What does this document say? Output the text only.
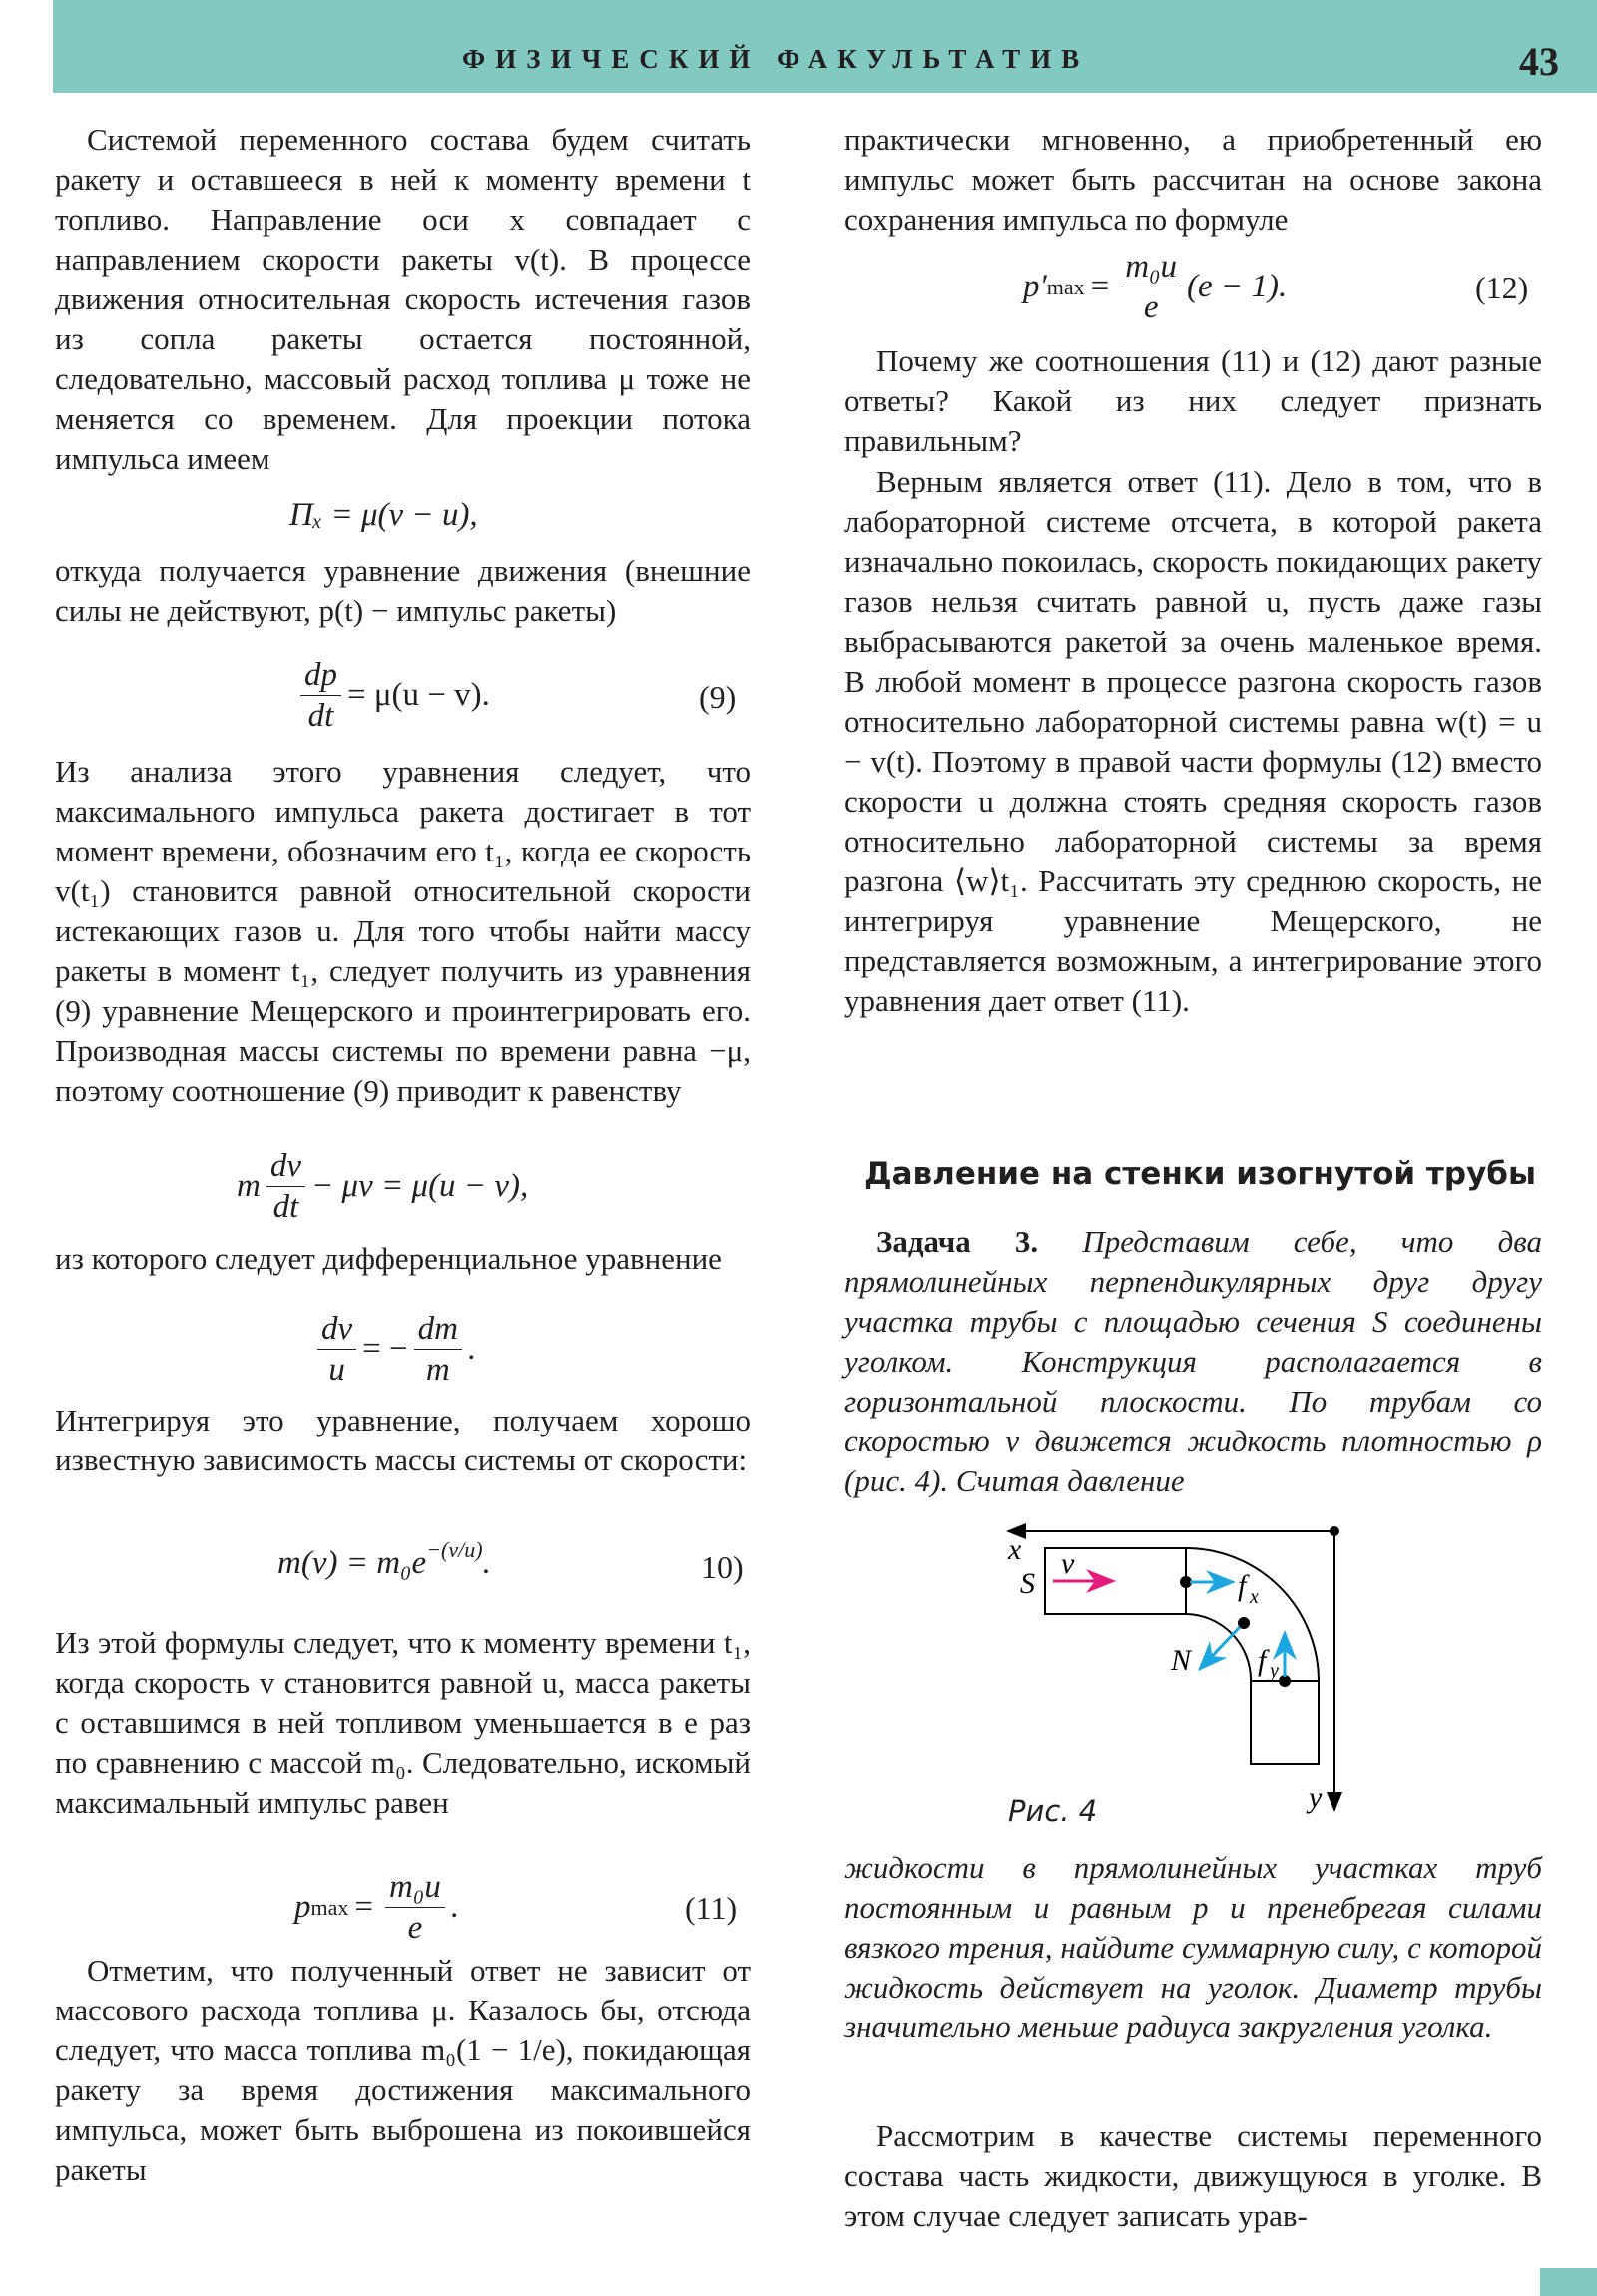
ФИЗИЧЕСКИЙ ФАКУЛЬТАТИВ	43
Системой переменного состава будем считать ракету и оставшееся в ней к моменту времени t топливо. Направление оси x совпадает с направлением скорости ракеты v(t). В процессе движения относительная скорость истечения газов из сопла ракеты остается постоянной, следовательно, массовый расход топлива μ тоже не меняется со временем. Для проекции потока импульса имеем
Πₓ = μ(v − u),
откуда получается уравнение движения (внешние силы не действуют, p(t) − импульс ракеты)
$\frac{dp}{dt} = \mu(u - v)$.	(9)
Из анализа этого уравнения следует, что максимального импульса ракета достигает в тот момент времени, обозначим его t₁, когда ее скорость v(t₁) становится равной относительной скорости истекающих газов u. Для того чтобы найти массу ракеты в момент t₁, следует получить из уравнения (9) уравнение Мещерского и проинтегрировать его. Производная массы системы по времени равна −μ, поэтому соотношение (9) приводит к равенству
m $\frac{dv}{dt} - \mu v = \mu(u - v)$,
из которого следует дифференциальное уравнение
$\frac{dv}{u}$ = − $\frac{dm}{m}$ .
Интегрируя это уравнение, получаем хорошо известную зависимость массы системы от скорости:
$m(v) = m_0e^{-(v/u)}$ .	10)
Из этой формулы следует, что к моменту времени t₁, когда скорость v становится равной u, масса ракеты с оставшимся в ней топливом уменьшается в e раз по сравнению с массой m₀. Следовательно, искомый максимальный импульс равен
p $\max = \frac{\text{m₀u}}{e}$ .	(11)
Отметим, что полученный ответ не зависит от массового расхода топлива μ. Казалось бы, отсюда следует, что масса топлива m₀(1 − 1/e), покидающая ракету за время достижения максимального импульса, может быть выброшена из покоившейся ракеты
практически мгновенно, а приобретенный ею импульс может быть рассчитан на основе закона сохранения импульса по формуле
p′ $\max = \frac{\text{m₀u}}{e} (e - 1)$.	(12)
Почему же соотношения (11) и (12) дают разные ответы? Какой из них следует признать правильным?
Верным является ответ (11). Дело в том, что в лабораторной системе отсчета, в которой ракета изначально покоилась, скорость покидающих ракету газов нельзя считать равной u, пусть даже газы выбрасываются ракетой за очень маленькое время. В любой момент в процессе разгона скорость газов относительно лабораторной системы равна w(t) = u − v(t). Поэтому в правой части формулы (12) вместо скорости u должна стоять средняя скорость газов относительно лабораторной системы за время разгона ⟨w⟩t₁. Рассчитать эту среднюю скорость, не интегрируя уравнение Мещерского, не представляется возможным, а интегрирование этого уравнения дает ответ (11).
Давление на стенки изогнутой трубы
Задача 3. Представим себе, что два прямолинейных перпендикулярных друг другу участка трубы с площадью сечения S соединены уголком. Конструкция располагается в горизонтальной плоскости. По трубам со скоростью v движется жидкость плотностью ρ (рис. 4). Считая давление
x
S
v
f x
N f y
y
Рис. 4
жидкости в прямолинейных участках труб постоянным и равным p и пренебрегая силами вязкого трения, найдите суммарную силу, с которой жидкость действует на уголок. Диаметр трубы значительно меньше радиуса закругления уголка.
Рассмотрим в качестве системы переменного состава часть жидкости, движущуюся в уголке. В этом случае следует записать урав-
